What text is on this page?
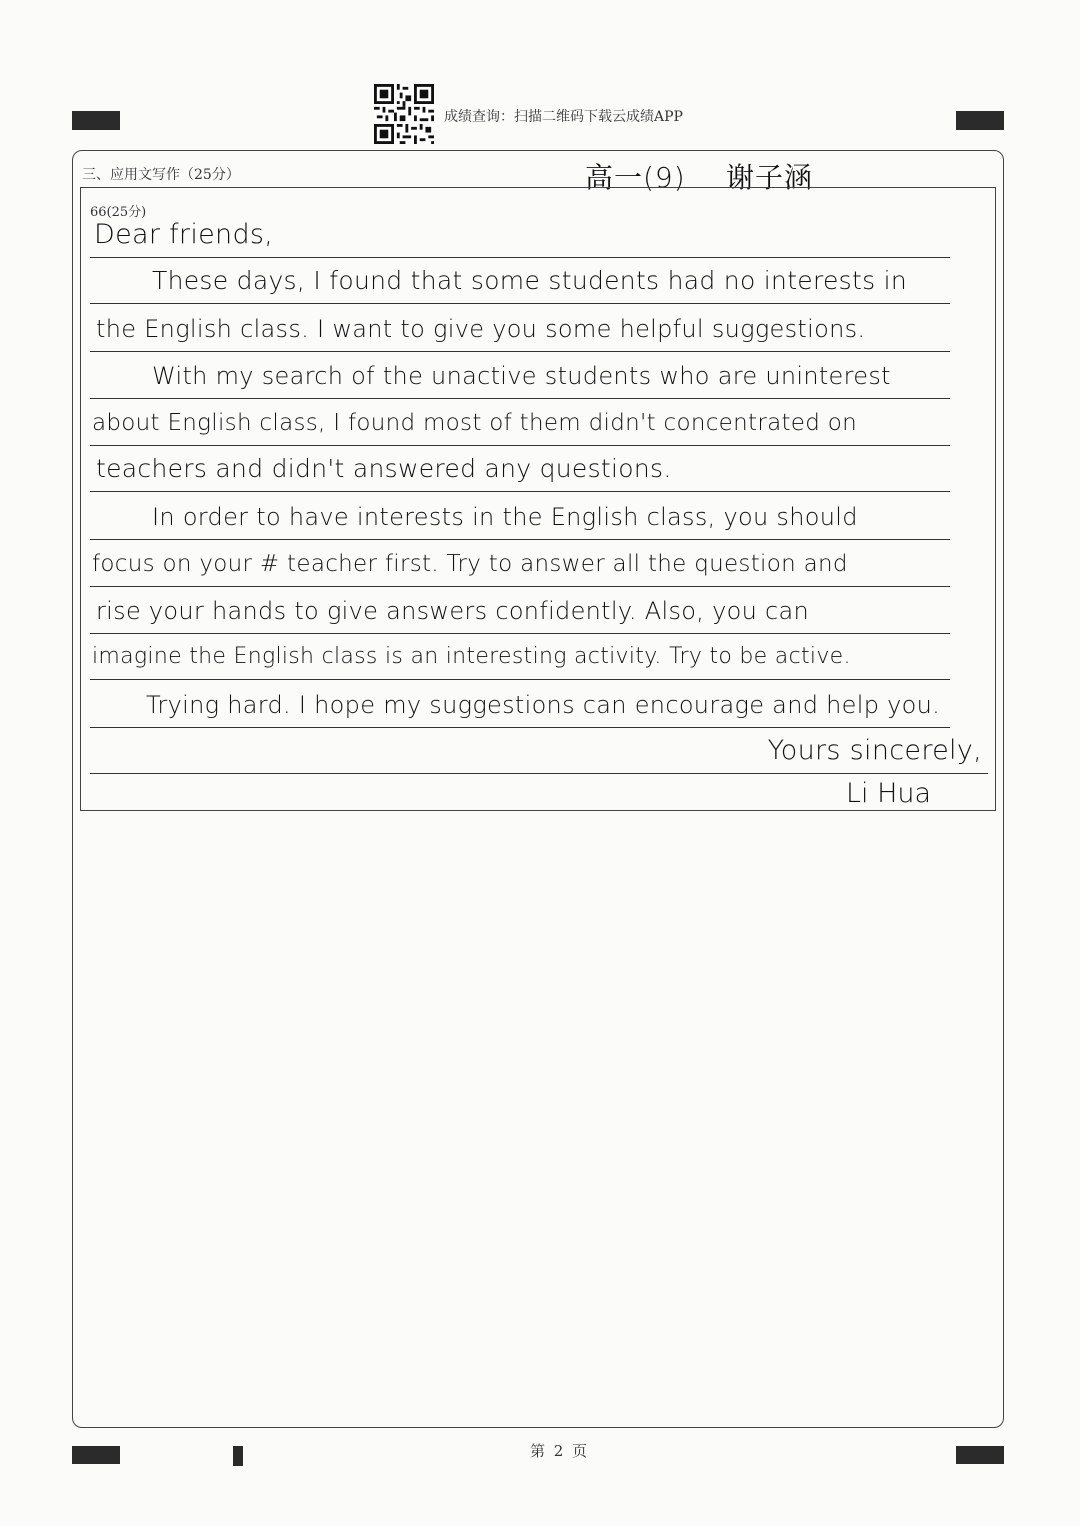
成绩查询：扫描二维码下载云成绩APP
三、应用文写作（25分）	高一(9) 谢子涵
66(25分)
Dear friends,
These days, I found that some students had no interests in
the English class. I want to give you some helpful suggestions.
With my search of the unactive students who are uninterest
about English class, I found most of them didn't concentrated on
teachers and didn't answered any questions.
In order to have interests in the English class, you should
focus on your # teacher first. Try to answer all the question and
rise your hands to give answers confidently. Also, you can
imagine the English class is an interesting activity. Try to be active.
Trying hard. I hope my suggestions can encourage and help you.
Yours sincerely,
Li Hua
第 2 页
